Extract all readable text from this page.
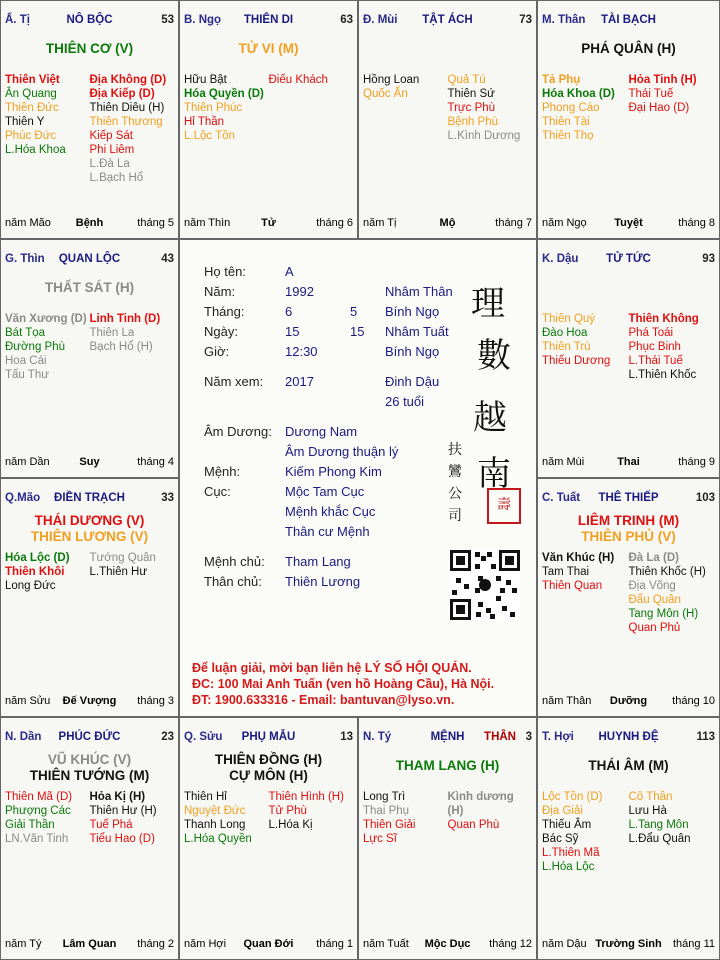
Họ tên:	A
Năm:	1992	Nhâm Thân
Tháng:	6	5 Bính Ngọ
Ngày:	15	15 Nhâm Tuất
Giờ:	12:30	Bính Ngọ
Năm xem: 2017	Đinh Dậu
26 tuổi
Âm Dương: Dương Nam
Âm Dương thuận lý
Mệnh:	Kiếm Phong Kim
Cục:	Mộc Tam Cục
Mệnh khắc Cục
Thân cư Mệnh
Mệnh chủ: Tham Lang
Thân chủ: Thiên Lương
理
數
越
南
壽
扶
鸞
公
司
Để luận giải, mời bạn liên hệ LÝ SỐ HỘI QUÁN.
ĐC: 100 Mai Anh Tuấn (ven hồ Hoàng Cầu), Hà Nội.
ĐT: 1900.633316 - Email: bantuvan@lyso.vn.
Ấ. Tị	NÔ BỘC	53
THIÊN CƠ (V)
Thiên Việt
Ân Quang
Thiên Đức
Thiên Y
Phúc Đức
L.Hóa Khoa
Địa Không (D)
Địa Kiếp (D)
Thiên Diêu (H)
Thiên Thương
Kiếp Sát
Phi Liêm
L.Đà La
L.Bạch Hổ
năm Mão	Bệnh	tháng 5
B. Ngọ	THIÊN DI	63
TỬ VI (M)
Hữu Bật
Hóa Quyền (D)
Thiên Phúc
Hỉ Thần
L.Lộc Tồn
Điếu Khách
năm Thìn	Tử	tháng 6
Đ. Mùi	TẬT ÁCH	73
Hồng Loan
Quốc Ấn
Quả Tú
Thiên Sứ
Trực Phù
Bệnh Phù
L.Kình Dương
năm Tị	Mộ	tháng 7
M. Thân	TÀI BẠCH
PHÁ QUÂN (H)
Tả Phụ
Hóa Khoa (D)
Phong Cáo
Thiên Tài
Thiên Thọ
Hỏa Tinh (H)
Thái Tuế
Đại Hao (D)
năm Ngọ	Tuyệt	tháng 8
G. Thìn	QUAN LỘC	43
THẤT SÁT (H)
Văn Xương (D)
Bát Tọa
Đường Phù
Hoa Cái
Tấu Thư
Linh Tinh (D)
Thiên La
Bạch Hổ (H)
năm Dần	Suy	tháng 4
K. Dậu	TỬ TỨC	93
Thiên Quý
Đào Hoa
Thiên Trù
Thiếu Dương
Thiên Không
Phá Toái
Phục Binh
L.Thái Tuế
L.Thiên Khốc
năm Mùi	Thai	tháng 9
Q.Mão	ĐIỀN TRẠCH	33
THÁI DƯƠNG (V)
THIÊN LƯƠNG (V)
Hóa Lộc (D)
Thiên Khôi
Long Đức
Tướng Quân
L.Thiên Hư
năm Sửu	Đế Vượng	tháng 3
C. Tuất	THÊ THIẾP	103
LIÊM TRINH (M)
THIÊN PHỦ (V)
Văn Khúc (H)
Tam Thai
Thiên Quan
Đà La (D)
Thiên Khốc (H)
Địa Võng
Đẩu Quân
Tang Môn (H)
Quan Phủ
năm Thân	Dưỡng	tháng 10
N. Dần	PHÚC ĐỨC	23
VŨ KHÚC (V)
THIÊN TƯỚNG (M)
Thiên Mã (D)
Phượng Các
Giải Thần
LN.Văn Tinh
Hỏa Kị (H)
Thiên Hư (H)
Tuế Phá
Tiểu Hao (D)
năm Tý	Lâm Quan	tháng 2
Q. Sửu	PHỤ MẪU	13
THIÊN ĐỒNG (H)
CỰ MÔN (H)
Thiên Hỉ
Nguyệt Đức
Thanh Long
L.Hóa Quyền
Thiên Hình (H)
Tử Phù
L.Hóa Kị
năm Hợi	Quan Đới	tháng 1
N. Tý	MỆNH	3
THÂN
THAM LANG (H)
Long Trì
Thai Phụ
Thiên Giải
Lực Sĩ
Kình dương (H)
Quan Phù
năm Tuất	Mộc Dục	tháng 12
T. Hợi	HUYNH ĐỆ	113
THÁI ÂM (M)
Lộc Tồn (D)
Địa Giải
Thiếu Âm
Bác Sỹ
L.Thiên Mã
L.Hóa Lộc
Cô Thần
Lưu Hà
L.Tang Môn
L.Đẩu Quân
năm Dậu Trường Sinh	tháng 11
